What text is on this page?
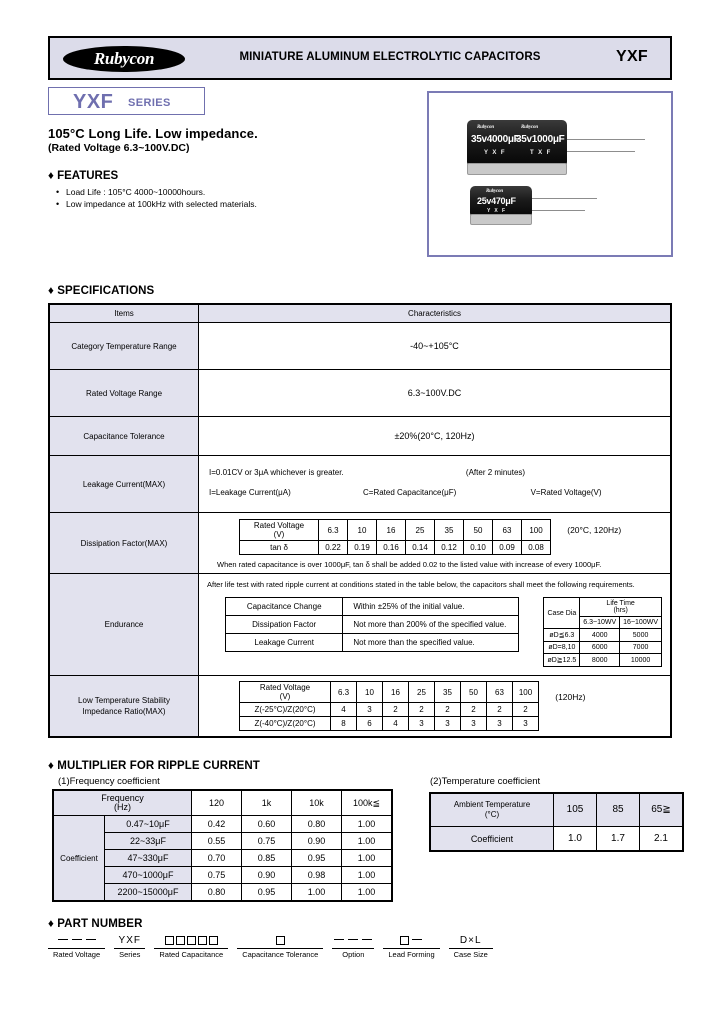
Rubycon	MINIATURE ALUMINUM ELECTROLYTIC CAPACITORS	YXF
YXF SERIES
105°C Long Life. Low impedance.
(Rated Voltage 6.3~100V.DC)
♦ FEATURES
• Load Life : 105°C 4000~10000hours.
• Low impedance at 100kHz with selected materials.
Rubycon	Rubycon
35v4000μF
35v1000μF
Y X F	T X F
Rubycon
25v470μF
Y X F
♦ SPECIFICATIONS
Items	Characteristics
Category Temperature Range	-40~+105°C
Rated Voltage Range	6.3~100V.DC
Capacitance Tolerance	±20%(20°C, 120Hz)
Leakage Current(MAX)	
I=0.01CV or 3μA whichever is greater.	(After 2 minutes)
I=Leakage Current(μA)	C=Rated Capacitance(μF)	V=Rated Voltage(V)

Dissipation Factor(MAX)	Rated Voltage
(V)	6.3	10	16	25	35	50	63	100
tan δ	0.22	0.19	0.16	0.14	0.12	0.10	0.09	0.08 (20°C, 120Hz)
When rated capacitance is over 1000μF, tan δ shall be added 0.02 to the listed value with increase of every 1000μF.

Endurance	
After life test with rated ripple current at conditions stated in the table below, the capacitors shall meet the following requirements.
Capacitance Change	Within ±25% of the initial value.
Dissipation Factor	Not more than 200% of the specified value.
Leakage Current	Not more than the specified value.
Case Dia	Life Time
(hrs)
6.3~10WV	16~100WV
øD≦6.3	4000	5000
øD=8,10	6000	7000
øD≧12.5	8000	10000

Low Temperature Stability
Impedance Ratio(MAX)	Rated Voltage
(V)	6.3	10	16	25	35	50	63	100
Z(-25°C)/Z(20°C)	4	3	2	2	2	2	2	2
Z(-40°C)/Z(20°C)	8	6	4	3	3	3	3	3 (120Hz)
♦ MULTIPLIER FOR RIPPLE CURRENT
(1)Frequency coefficient	(2)Temperature coefficient
Frequency
(Hz)		120	1k	10k	100k≦
Coefficient	0.47~10μF	0.42	0.60	0.80	1.00
	22~33μF	0.55	0.75	0.90	1.00
	47~330μF	0.70	0.85	0.95	1.00
	470~1000μF	0.75	0.90	0.98	1.00
	2200~15000μF	0.80	0.95	1.00	1.00
Ambient Temperature
(°C)	105	85	65≧
Coefficient	1.0	1.7	2.1
♦ PART NUMBER
Rated Voltage
YXF
Series	Rated Capacitance	Capacitance Tolerance	Option	Lead Forming
D×L
Case Size
